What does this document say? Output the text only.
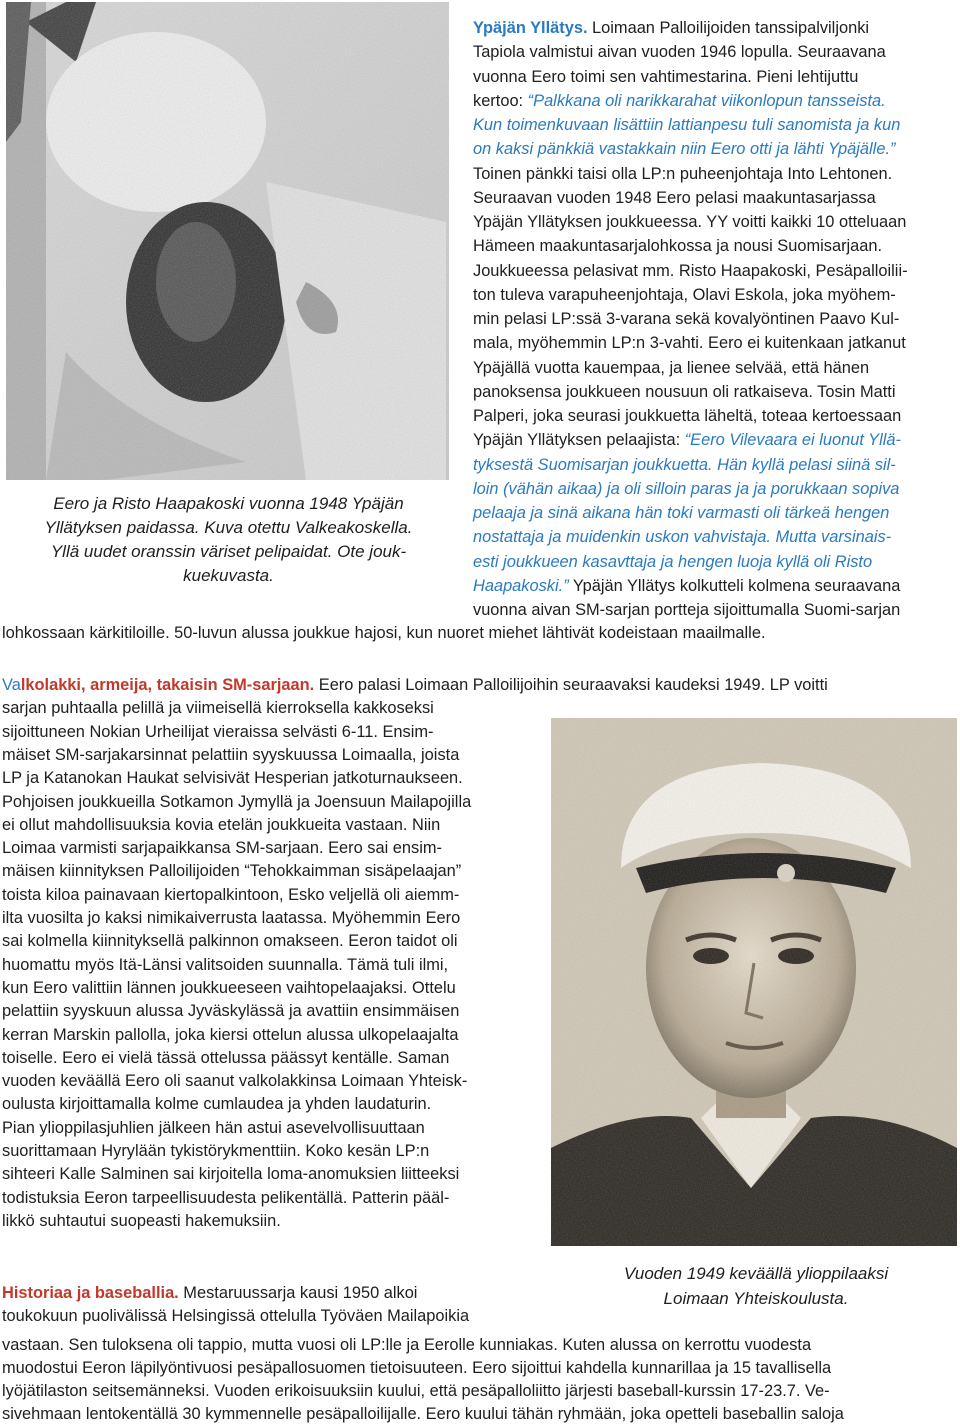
Eero ja Risto Haapakoski vuonna 1948 Ypäjän
Yllätyksen paidassa. Kuva otettu Valkeakoskella.
Yllä uudet oranssin väriset pelipaidat. Ote jouk-
kuekuvasta.
Ypäjän Yllätys. Loimaan Palloilijoiden tanssipalviljonki
Tapiola valmistui aivan vuoden 1946 lopulla. Seuraavana
vuonna Eero toimi sen vahtimestarina. Pieni lehtijuttu
kertoo: “Palkkana oli narikkarahat viikonlopun tansseista.
Kun toimenkuvaan lisättiin lattianpesu tuli sanomista ja kun
on kaksi pänkkiä vastakkain niin Eero otti ja lähti Ypäjälle.”
Toinen pänkki taisi olla LP:n puheenjohtaja Into Lehtonen.
Seuraavan vuoden 1948 Eero pelasi maakuntasarjassa
Ypäjän Yllätyksen joukkueessa. YY voitti kaikki 10 otteluaan
Hämeen maakuntasarjalohkossa ja nousi Suomisarjaan.
Joukkueessa pelasivat mm. Risto Haapakoski, Pesäpalloilii-
ton tuleva varapuheenjohtaja, Olavi Eskola, joka myöhem-
min pelasi LP:ssä 3-varana sekä kovalyöntinen Paavo Kul-
mala, myöhemmin LP:n 3-vahti. Eero ei kuitenkaan jatkanut
Ypäjällä vuotta kauempaa, ja lienee selvää, että hänen
panoksensa joukkueen nousuun oli ratkaiseva. Tosin Matti
Palperi, joka seurasi joukkuetta läheltä, toteaa kertoessaan
Ypäjän Yllätyksen pelaajista: “Eero Vilevaara ei luonut Yllä-
tyksestä Suomisarjan joukkuetta. Hän kyllä pelasi siinä sil-
loin (vähän aikaa) ja oli silloin paras ja ja porukkaan sopiva
pelaaja ja sinä aikana hän toki varmasti oli tärkeä hengen
nostattaja ja muidenkin uskon vahvistaja. Mutta varsinais-
esti joukkueen kasavttaja ja hengen luoja kyllä oli Risto
Haapakoski.” Ypäjän Yllätys kolkutteli kolmena seuraavana
vuonna aivan SM-sarjan portteja sijoittumalla Suomi-sarjan
lohkossaan kärkitiloille. 50-luvun alussa joukkue hajosi, kun nuoret miehet lähtivät kodeistaan maailmalle.
Valkolakki, armeija, takaisin SM-sarjaan. Eero palasi Loimaan Palloilijoihin seuraavaksi kaudeksi 1949. LP voitti
sarjan puhtaalla pelillä ja viimeisellä kierroksella kakkoseksi
sijoittuneen Nokian Urheilijat vieraissa selvästi 6-11. Ensim-
mäiset SM-sarjakarsinnat pelattiin syyskuussa Loimaalla, joista
LP ja Katanokan Haukat selvisivät Hesperian jatkoturnaukseen.
Pohjoisen joukkueilla Sotkamon Jymyllä ja Joensuun Mailapojilla
ei ollut mahdollisuuksia kovia etelän joukkueita vastaan. Niin
Loimaa varmisti sarjapaikkansa SM-sarjaan. Eero sai ensim-
mäisen kiinnityksen Palloilijoiden “Tehokkaimman sisäpelaajan”
toista kiloa painavaan kiertopalkintoon, Esko veljellä oli aiemm-
ilta vuosilta jo kaksi nimikaiverrusta laatassa. Myöhemmin Eero
sai kolmella kiinnityksellä palkinnon omakseen. Eeron taidot oli
huomattu myös Itä-Länsi valitsoiden suunnalla. Tämä tuli ilmi,
kun Eero valittiin lännen joukkueeseen vaihtopelaajaksi. Ottelu
pelattiin syyskuun alussa Jyväskylässä ja avattiin ensimmäisen
kerran Marskin pallolla, joka kiersi ottelun alussa ulkopelaajalta
toiselle. Eero ei vielä tässä ottelussa päässyt kentälle. Saman
vuoden keväällä Eero oli saanut valkolakkinsa Loimaan Yhteisk-
oulusta kirjoittamalla kolme cumlaudea ja yhden laudaturin.
Pian ylioppilasjuhlien jälkeen hän astui asevelvollisuuttaan
suorittamaan Hyrylään tykistörykmenttiin. Koko kesän LP:n
sihteeri Kalle Salminen sai kirjoitella loma-anomuksien liitteeksi
todistuksia Eeron tarpeellisuudesta pelikentällä. Patterin pääl-
likkö suhtautui suopeasti hakemuksiin.
Vuoden 1949 keväällä ylioppilaaksi
Loimaan Yhteiskoulusta.
Historiaa ja baseballia. Mestaruussarja kausi 1950 alkoi
toukokuun puolivälissä Helsingissä ottelulla Työväen Mailapoikia
vastaan. Sen tuloksena oli tappio, mutta vuosi oli LP:lle ja Eerolle kunniakas. Kuten alussa on kerrottu vuodesta
muodostui Eeron läpilyöntivuosi pesäpallosuomen tietoisuuteen. Eero sijoittui kahdella kunnarillaa ja 15 tavallisella
lyöjätilaston seitsemänneksi. Vuoden erikoisuuksiin kuului, että pesäpalloliitto järjesti baseball-kurssin 17-23.7. Ve-
sivehmaan lentokentällä 30 kymmennelle pesäpalloilijalle. Eero kuului tähän ryhmään, joka opetteli baseballin saloja
